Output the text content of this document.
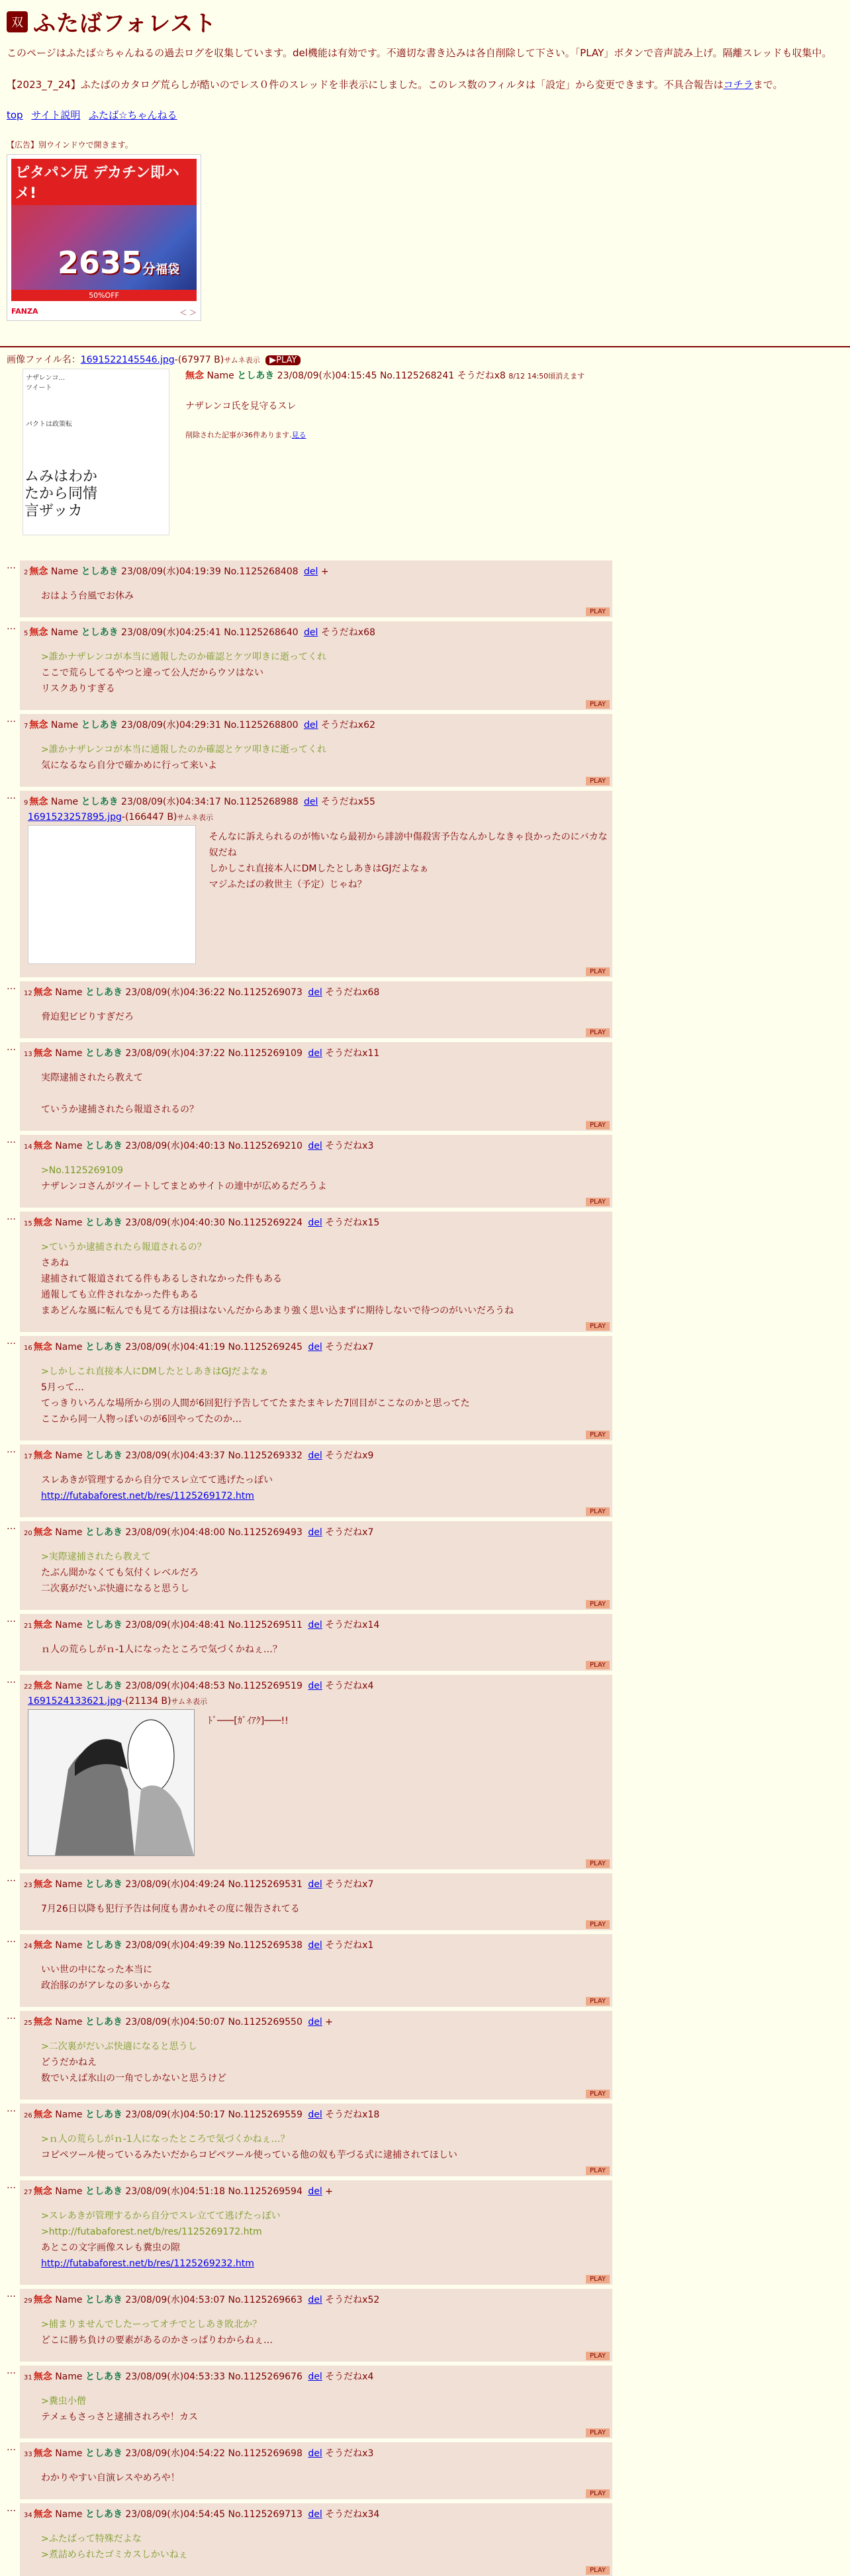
双 ふたばフォレスト

このページはふたば☆ちゃんねるの過去ログを収集しています。del機能は有効です。不適切な書き込みは各自削除して下さい。「PLAY」ボタンで音声読み上げ。隔離スレッドも収集中。

【2023_7_24】ふたばのカタログ荒らしが酷いのでレス０件のスレッドを非表示にしました。このレス数のフィルタは「設定」から変更できます。不具合報告はコチラまで。

top サイト説明 ふたば☆ちゃんねる
【広告】別ウインドウで開きます。
ピタパン尻 デカチン即ハメ!
2635分福袋
50%OFF
FANZA	＜ ＞
画像ファイル名：1691522145546.jpg-(67977 B)サムネ表示 ▶PLAY
ナザレンコ...
ツイート
パクトは政策転
ムみはわか
たから同情
言ザッカ
無念 Name としあき 23/08/09(水)04:15:45 No.1125268241 そうだねx8 8/12 14:50頃消えます
ナザレンコ氏を見守るスレ
削除された記事が36件あります.見る
…
2 無念 Name としあき 23/08/09(水)04:19:39 No.1125268408 del +
おはよう台風でお休み
PLAY
…
5 無念 Name としあき 23/08/09(水)04:25:41 No.1125268640 del そうだねx68
>誰かナザレンコが本当に通報したのか確認とケツ叩きに逝ってくれ
ここで荒らしてるやつと違って公人だからウソはない
リスクありすぎる
PLAY
…
7 無念 Name としあき 23/08/09(水)04:29:31 No.1125268800 del そうだねx62
>誰かナザレンコが本当に通報したのか確認とケツ叩きに逝ってくれ
気になるなら自分で確かめに行って来いよ
PLAY
…
9 無念 Name としあき 23/08/09(水)04:34:17 No.1125268988 del そうだねx55
1691523257895.jpg-(166447 B)サムネ表示
そんなに訴えられるのが怖いなら最初から誹謗中傷殺害予告なんかしなきゃ良かったのにバカな奴だね
しかしこれ直接本人にDMしたとしあきはGJだよなぁ
マジふたばの救世主（予定）じゃね？
PLAY
…
12 無念 Name としあき 23/08/09(水)04:36:22 No.1125269073 del そうだねx68
脅迫犯ビビりすぎだろ
PLAY
…
13 無念 Name としあき 23/08/09(水)04:37:22 No.1125269109 del そうだねx11
実際逮捕されたら教えて

ていうか逮捕されたら報道されるの？
PLAY
…
14 無念 Name としあき 23/08/09(水)04:40:13 No.1125269210 del そうだねx3
>No.1125269109
ナザレンコさんがツイートしてまとめサイトの連中が広めるだろうよ
PLAY
…
15 無念 Name としあき 23/08/09(水)04:40:30 No.1125269224 del そうだねx15
>ていうか逮捕されたら報道されるの？
さあね
逮捕されて報道されてる件もあるしされなかった件もある
通報しても立件されなかった件もある
まあどんな風に転んでも見てる方は損はないんだからあまり強く思い込まずに期待しないで待つのがいいだろうね
PLAY
…
16 無念 Name としあき 23/08/09(水)04:41:19 No.1125269245 del そうだねx7
>しかしこれ直接本人にDMしたとしあきはGJだよなぁ
5月って…
てっきりいろんな場所から別の人間が6回犯行予告しててたまたまキレた7回目がここなのかと思ってた
ここから同一人物っぽいのが6回やってたのか…
PLAY
…
17 無念 Name としあき 23/08/09(水)04:43:37 No.1125269332 del そうだねx9
スレあきが管理するから自分でスレ立てて逃げたっぽい
http://futabaforest.net/b/res/1125269172.htm
PLAY
…
20 無念 Name としあき 23/08/09(水)04:48:00 No.1125269493 del そうだねx7
>実際逮捕されたら教えて
たぶん聞かなくても気付くレベルだろ
二次裏がだいぶ快適になると思うし
PLAY
…
21 無念 Name としあき 23/08/09(水)04:48:41 No.1125269511 del そうだねx14
ｎ人の荒らしがｎ-1人になったところで気づくかねぇ…？
PLAY
…
22 無念 Name としあき 23/08/09(水)04:48:53 No.1125269519 del そうだねx4
1691524133621.jpg-(21134 B)サムネ表示
ﾄﾞ───[ｶﾞｲｱｸ]───!!
PLAY
…
23 無念 Name としあき 23/08/09(水)04:49:24 No.1125269531 del そうだねx7
7月26日以降も犯行予告は何度も書かれその度に報告されてる
PLAY
…
24 無念 Name としあき 23/08/09(水)04:49:39 No.1125269538 del そうだねx1
いい世の中になった本当に
政治豚のがアレなの多いからな
PLAY
…
25 無念 Name としあき 23/08/09(水)04:50:07 No.1125269550 del +
>二次裏がだいぶ快適になると思うし
どうだかねえ
数でいえば氷山の一角でしかないと思うけど
PLAY
…
26 無念 Name としあき 23/08/09(水)04:50:17 No.1125269559 del そうだねx18
>ｎ人の荒らしがｎ-1人になったところで気づくかねぇ…？
コピペツール使っているみたいだからコピペツール使っている他の奴も芋づる式に逮捕されてほしい
PLAY
…
27 無念 Name としあき 23/08/09(水)04:51:18 No.1125269594 del +
>スレあきが管理するから自分でスレ立てて逃げたっぽい
>http://futabaforest.net/b/res/1125269172.htm
あとこの文字画像スレも糞虫の隙
http://futabaforest.net/b/res/1125269232.htm
PLAY
…
29 無念 Name としあき 23/08/09(水)04:53:07 No.1125269663 del そうだねx52
>捕まりませんでしたーってオチでとしあき敗北か？
どこに勝ち負けの要素があるのかさっぱりわからねぇ…
PLAY
…
31 無念 Name としあき 23/08/09(水)04:53:33 No.1125269676 del そうだねx4
>糞虫小僧
テメェもさっさと逮捕されろや！カス
PLAY
…
33 無念 Name としあき 23/08/09(水)04:54:22 No.1125269698 del そうだねx3
わかりやすい自演レスやめろや！
PLAY
…
34 無念 Name としあき 23/08/09(水)04:54:45 No.1125269713 del そうだねx34
>ふたばって特殊だよな
>煮詰められたゴミカスしかいねぇ
PLAY
